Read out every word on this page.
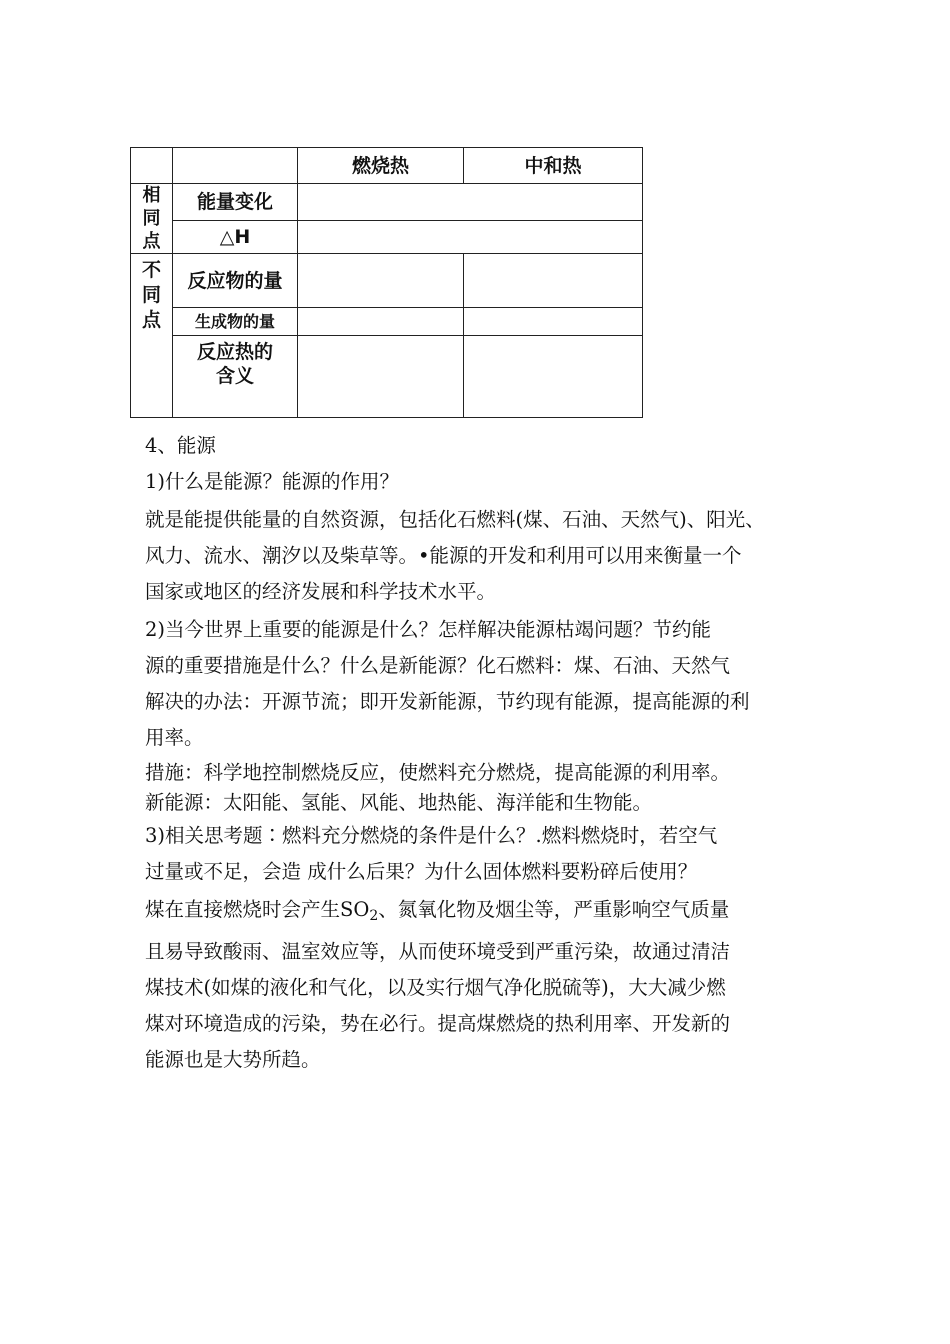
		燃烧热	中和热
相同点	能量变化		
	△H		
不同点	反应物的量		
	生成物的量		
	反应热的含义		

4、能源

1)什么是能源？能源的作用？

就是能提供能量的自然资源，包括化石燃料(煤、石油、天然气)、阳光、

风力、流水、潮汐以及柴草等。•能源的开发和利用可以用来衡量一个

国家或地区的经济发展和科学技术水平。

2)当今世界上重要的能源是什么？怎样解决能源枯竭问题？节约能

源的重要措施是什么？什么是新能源？化石燃料：煤、石油、天然气

解决的办法：开源节流；即开发新能源，节约现有能源，提高能源的利

用率。

措施：科学地控制燃烧反应，使燃料充分燃烧，提高能源的利用率。

新能源：太阳能、氢能、风能、地热能、海洋能和生物能。

3)相关思考题∶燃料充分燃烧的条件是什么？.燃料燃烧时，若空气

过量或不足，会造 成什么后果？为什么固体燃料要粉碎后使用？

煤在直接燃烧时会产生$SO_2$、氮氧化物及烟尘等，严重影响空气质量

且易导致酸雨、温室效应等，从而使环境受到严重污染，故通过清洁

煤技术(如煤的液化和气化，以及实行烟气净化脱硫等)，大大减少燃

煤对环境造成的污染，势在必行。提高煤燃烧的热利用率、开发新的

能源也是大势所趋。
